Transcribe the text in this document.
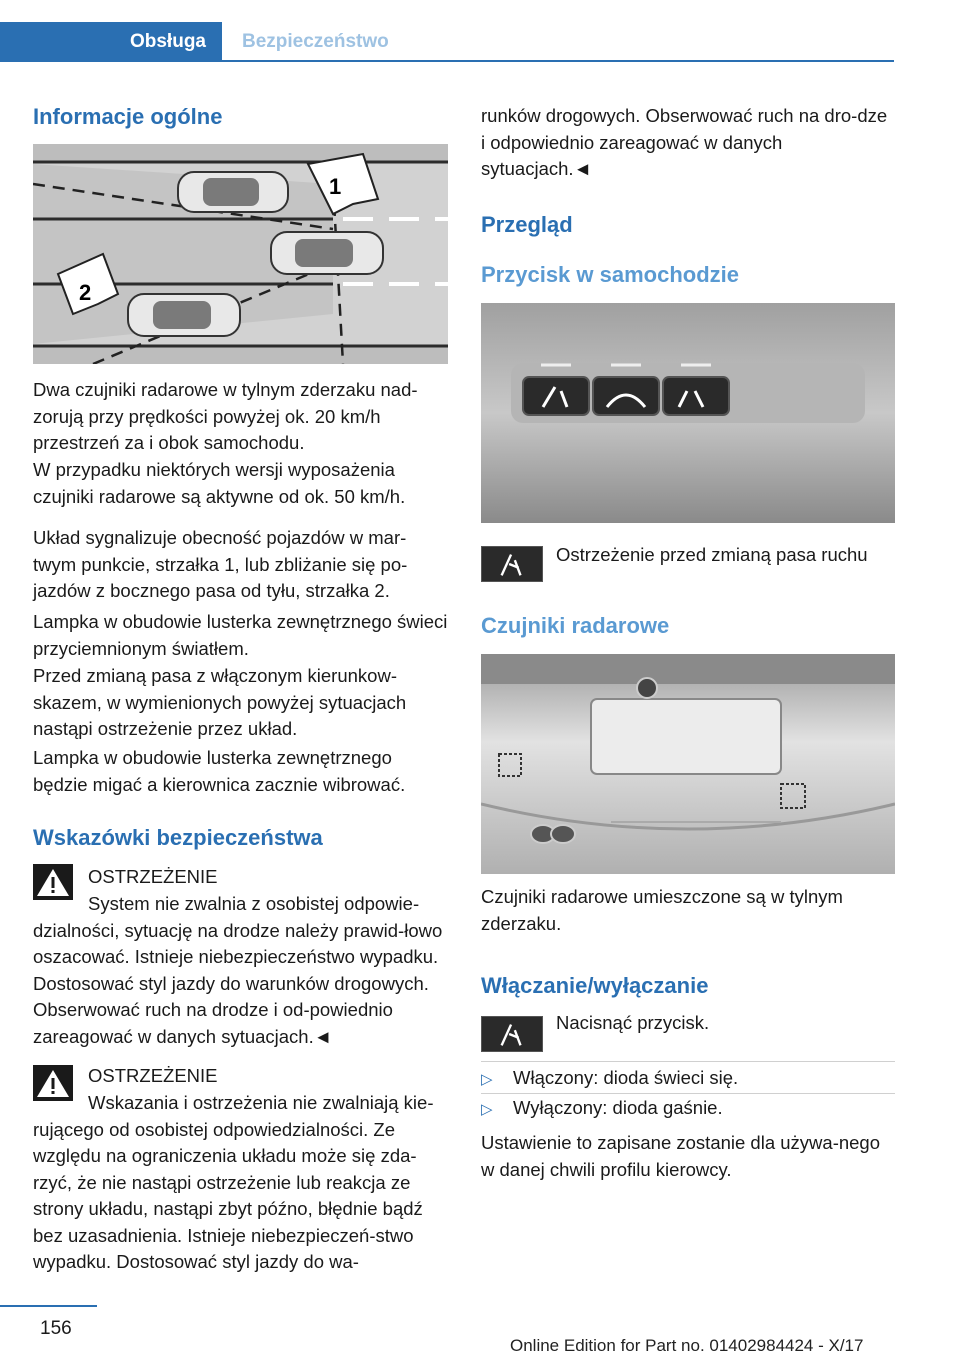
Obsługa	Bezpieczeństwo
Informacje ogólne
1
2

Dwa czujniki radarowe w tylnym zderzaku nad-zorują przy prędkości powyżej ok. 20 km/h przestrzeń za i obok samochodu.

W przypadku niektórych wersji wyposażenia czujniki radarowe są aktywne od ok. 50 km/h.

Układ sygnalizuje obecność pojazdów w mar-twym punkcie, strzałka 1, lub zbliżanie się po-jazdów z bocznego pasa od tyłu, strzałka 2.

Lampka w obudowie lusterka zewnętrznego świeci przyciemnionym światłem.

Przed zmianą pasa z włączonym kierunkow-skazem, w wymienionych powyżej sytuacjach nastąpi ostrzeżenie przez układ.

Lampka w obudowie lusterka zewnętrznego będzie migać a kierownica zacznie wibrować.

Wskazówki bezpieczeństwa
OSTRZEŻENIE

System nie zwalnia z osobistej odpowie-dzialności, sytuację na drodze należy prawid-łowo oszacować. Istnieje niebezpieczeństwo wypadku. Dostosować styl jazdy do warunków drogowych. Obserwować ruch na drodze i od-powiednio zareagować w danych sytuacjach.◄

OSTRZEŻENIE

Wskazania i ostrzeżenia nie zwalniają kie-rującego od osobistej odpowiedzialności. Ze względu na ograniczenia układu może się zda-rzyć, że nie nastąpi ostrzeżenie lub reakcja ze strony układu, nastąpi zbyt późno, błędnie bądź bez uzasadnienia. Istnieje niebezpieczeń-stwo wypadku. Dostosować styl jazdy do wa-

runków drogowych. Obserwować ruch na dro-dze i odpowiednio zareagować w danych sytuacjach.◄

Przegląd
Przycisk w samochodzie
Ostrzeżenie przed zmianą pasa ruchu
Czujniki radarowe

Czujniki radarowe umieszczone są w tylnym zderzaku.

Włączanie/wyłączanie
Nacisnąć przycisk.
▷ Włączony: dioda świeci się.
▷ Wyłączony: dioda gaśnie.

Ustawienie to zapisane zostanie dla używa-nego w danej chwili profilu kierowcy.

156
Online Edition for Part no. 01402984424 - X/17
